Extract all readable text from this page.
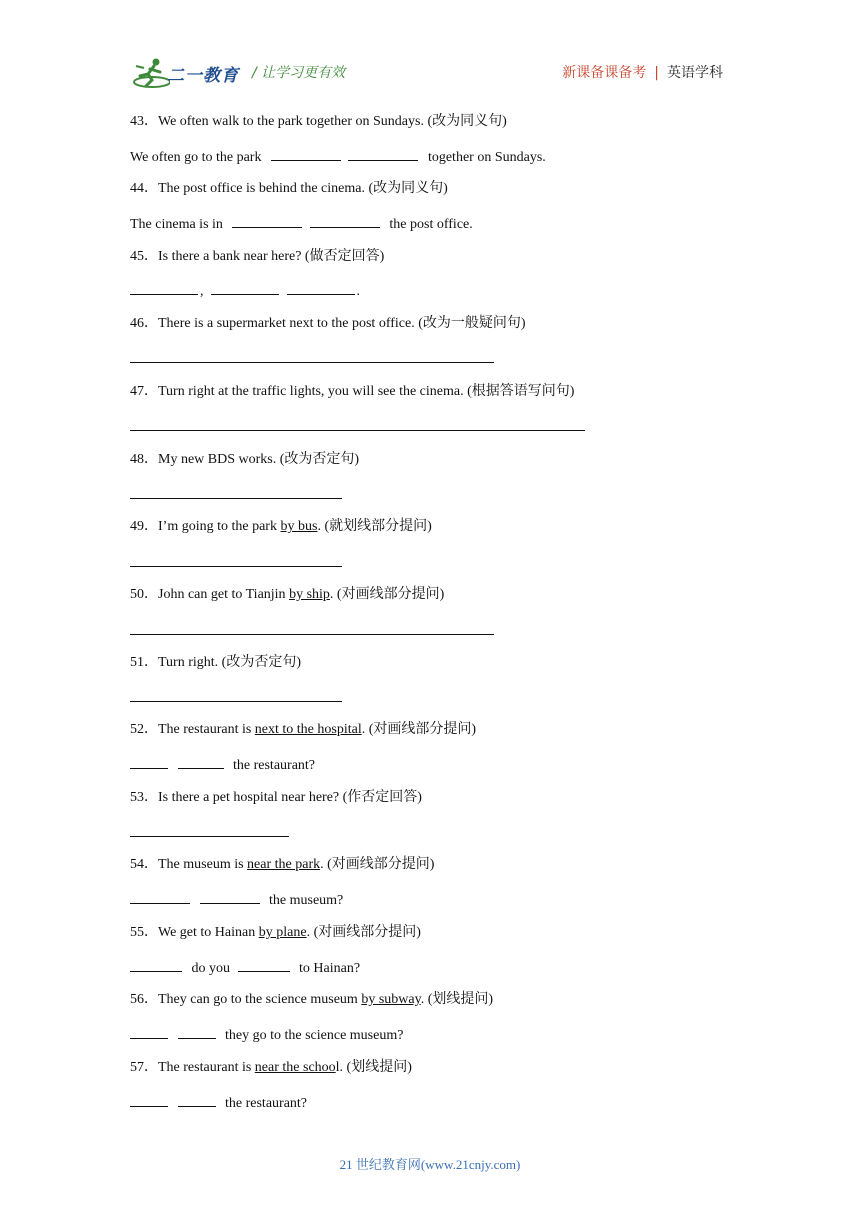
二一教育 / 让学习更有效	新课备课备考 | 英语学科
43．We often walk to the park together on Sundays. (改为同义句)
We often go to the park	together on Sundays.
44．The post office is behind the cinema. (改为同义句)
The cinema is in	the post office.
45．Is there a bank near here? (做否定回答)
,	.
46．There is a supermarket next to the post office. (改为一般疑问句)
47．Turn right at the traffic lights, you will see the cinema. (根据答语写问句)
48．My new BDS works. (改为否定句)
49．I’m going to the park by bus. (就划线部分提问)
50．John can get to Tianjin by ship. (对画线部分提问)
51．Turn right. (改为否定句)
52．The restaurant is next to the hospital. (对画线部分提问)
the restaurant?
53．Is there a pet hospital near here? (作否定回答)
54．The museum is near the park. (对画线部分提问)
the museum?
55．We get to Hainan by plane. (对画线部分提问)
do you	to Hainan?
56．They can go to the science museum by subway. (划线提问)
they go to the science museum?
57．The restaurant is near the school. (划线提问)
the restaurant?
21 世纪教育网(www.21cnjy.com)
